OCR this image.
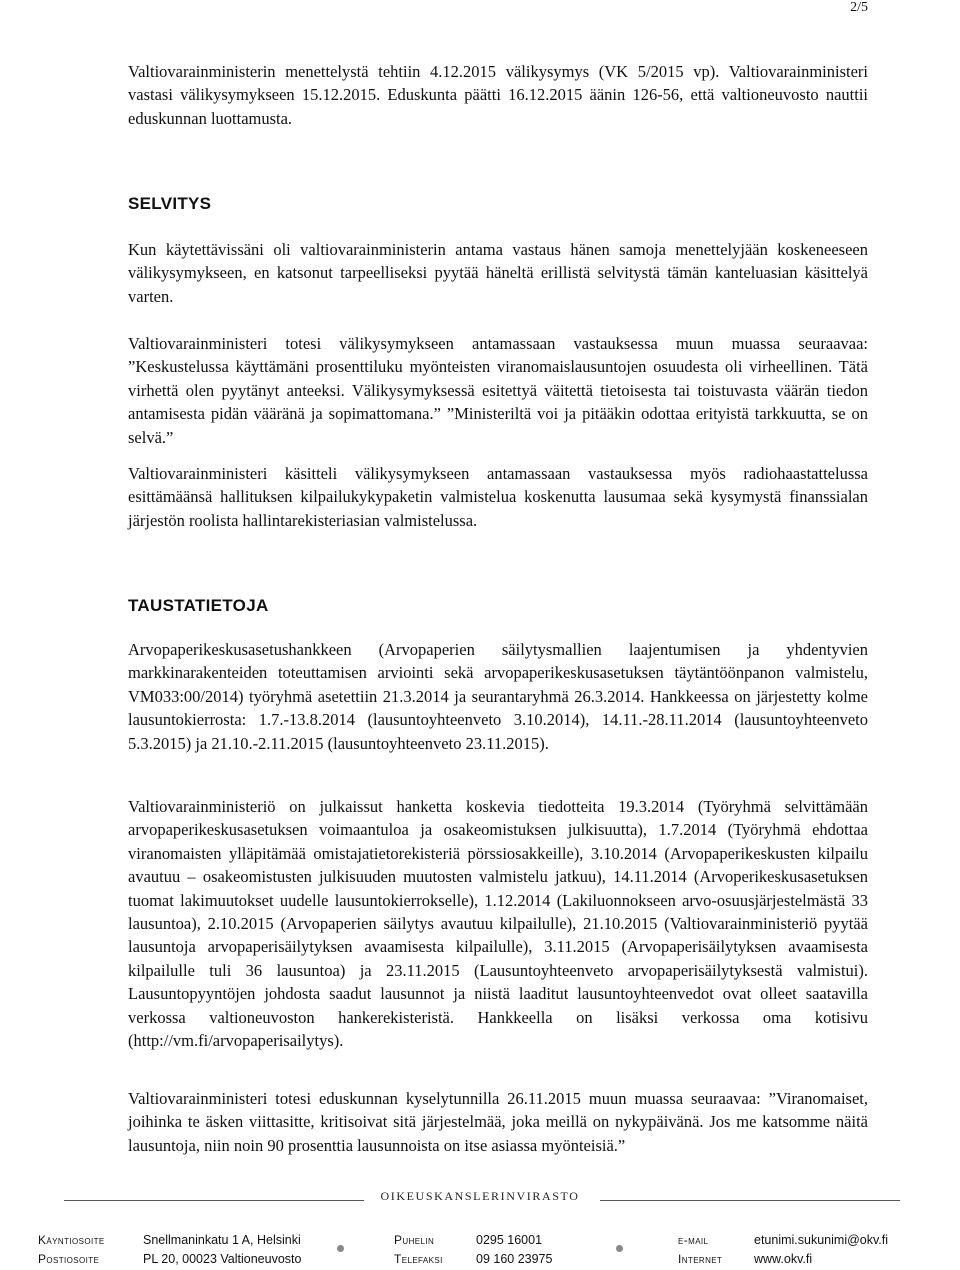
2/5

Valtiovarainministerin menettelystä tehtiin 4.12.2015 välikysymys (VK 5/2015 vp). Valtiovarainministeri vastasi välikysymykseen 15.12.2015. Eduskunta päätti 16.12.2015 äänin 126-56, että valtioneuvosto nauttii eduskunnan luottamusta.

SELVITYS

Kun käytettävissäni oli valtiovarainministerin antama vastaus hänen samoja menettelyjään koskeneeseen välikysymykseen, en katsonut tarpeelliseksi pyytää häneltä erillistä selvitystä tämän kanteluasian käsittelyä varten.

Valtiovarainministeri totesi välikysymykseen antamassaan vastauksessa muun muassa seuraavaa: ”Keskustelussa käyttämäni prosenttiluku myönteisten viranomaislausuntojen osuudesta oli virheellinen. Tätä virhettä olen pyytänyt anteeksi. Välikysymyksessä esitettyä väitettä tietoisesta tai toistuvasta väärän tiedon antamisesta pidän vääränä ja sopimattomana.” ”Ministeriltä voi ja pitääkin odottaa erityistä tarkkuutta, se on selvä.”

Valtiovarainministeri käsitteli välikysymykseen antamassaan vastauksessa myös radiohaastattelussa esittämäänsä hallituksen kilpailukykypaketin valmistelua koskenutta lausumaa sekä kysymystä finanssialan järjestön roolista hallintarekisteriasian valmistelussa.

TAUSTATIETOJA

Arvopaperikeskusasetushankkeen (Arvopaperien säilytysmallien laajentumisen ja yhdentyvien markkinarakenteiden toteuttamisen arviointi sekä arvopaperikeskusasetuksen täytäntöönpanon valmistelu, VM033:00/2014) työryhmä asetettiin 21.3.2014 ja seurantaryhmä 26.3.2014. Hankkeessa on järjestetty kolme lausuntokierrosta: 1.7.-13.8.2014 (lausuntoyhteenveto 3.10.2014), 14.11.-28.11.2014 (lausuntoyhteenveto 5.3.2015) ja 21.10.-2.11.2015 (lausuntoyhteenveto 23.11.2015).

Valtiovarainministeriö on julkaissut hanketta koskevia tiedotteita 19.3.2014 (Työryhmä selvittämään arvopaperikeskusasetuksen voimaantuloa ja osakeomistuksen julkisuutta), 1.7.2014 (Työryhmä ehdottaa viranomaisten ylläpitämää omistajatietorekisteriä pörssiosakkeille), 3.10.2014 (Arvopaperikeskusten kilpailu avautuu – osakeomistusten julkisuuden muutosten valmistelu jatkuu), 14.11.2014 (Arvoperikeskusasetuksen tuomat lakimuutokset uudelle lausuntokierrokselle), 1.12.2014 (Lakiluonnokseen arvo-osuusjärjestelmästä 33 lausuntoa), 2.10.2015 (Arvopaperien säilytys avautuu kilpailulle), 21.10.2015 (Valtiovarainministeriö pyytää lausuntoja arvopaperisäilytyksen avaamisesta kilpailulle), 3.11.2015 (Arvopaperisäilytyksen avaamisesta kilpailulle tuli 36 lausuntoa) ja 23.11.2015 (Lausuntoyhteenveto arvopaperisäilytyksestä valmistui). Lausuntopyyntöjen johdosta saadut lausunnot ja niistä laaditut lausuntoyhteenvedot ovat olleet saatavilla verkossa valtioneuvoston hankerekisteristä. Hankkeella on lisäksi verkossa oma kotisivu (http://vm.fi/arvopaperisailytys).

Valtiovarainministeri totesi eduskunnan kyselytunnilla 26.11.2015 muun muassa seuraavaa: ”Viranomaiset, joihinka te äsken viittasitte, kritisoivat sitä järjestelmää, joka meillä on nykypäivänä. Jos me katsomme näitä lausuntoja, niin noin 90 prosenttia lausunnoista on itse asiassa myönteisiä.”

OIKEUSKANSLERINVIRASTO
Käyntiosoite	Snellmaninkatu 1 A, Helsinki	Puhelin	0295 16001	e-mail	etunimi.sukunimi@okv.fi
Postiosoite	PL 20, 00023 Valtioneuvosto	Telefaksi	09 160 23975	Internet	www.okv.fi
